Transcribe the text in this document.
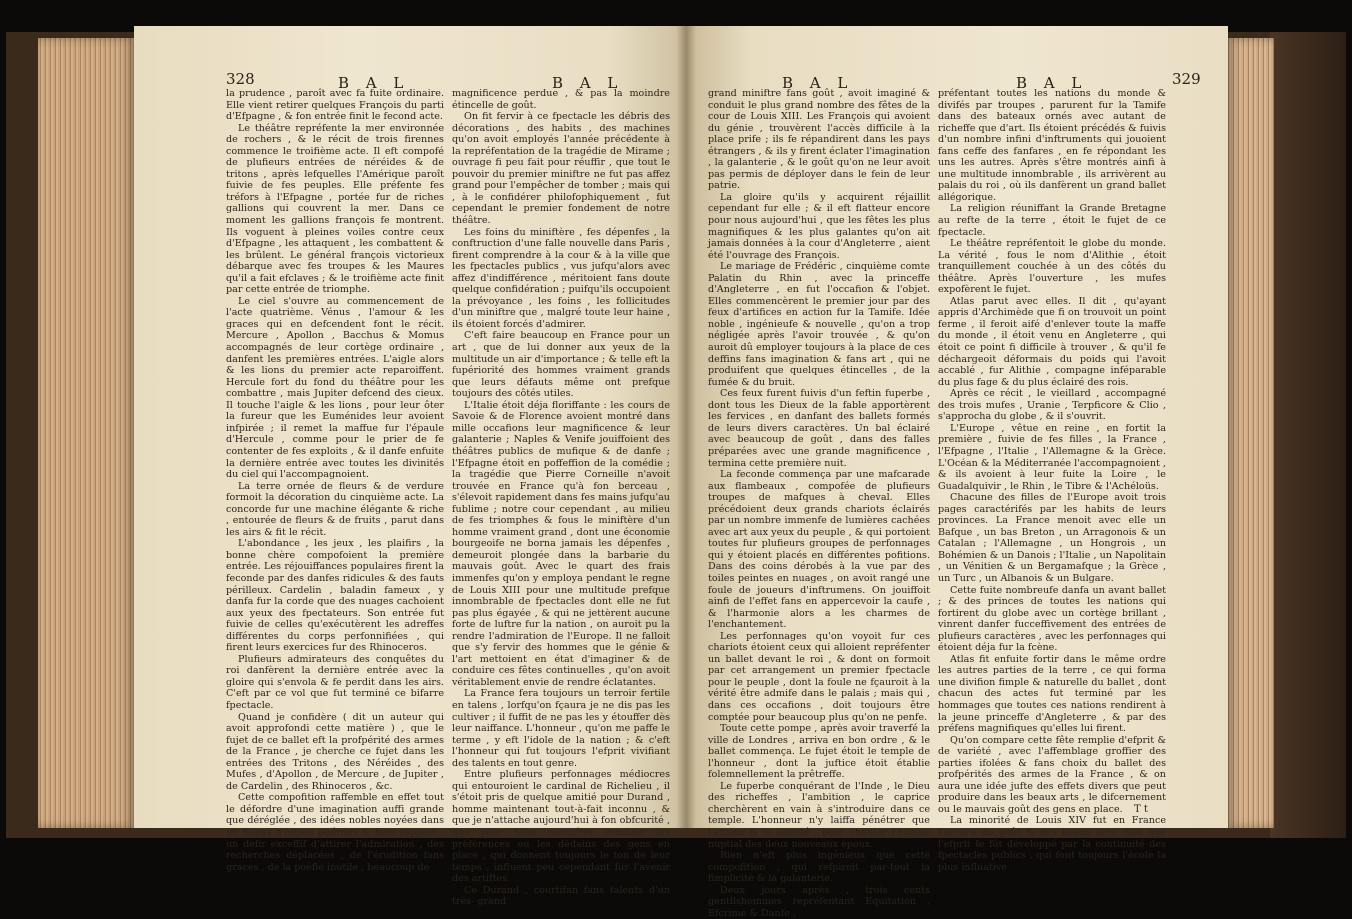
328	B A L	B A L

la prudence , paroît avec fa fuite ordinaire. Elle vient retirer quelques François du parti d'Efpagne , & fon entrée finit le fecond acte.

Le théâtre repréfente la mer environnée de rochers , & le récit de trois firennes commence le troifième acte. Il eft compofé de plufieurs entrées de néréides & de tritons , après lefquelles l'Amérique paroît fuivie de fes peuples. Elle préfente fes tréfors à l'Efpagne , portée fur de riches gallions qui couvrent la mer. Dans ce moment les gallions françois fe montrent. Ils voguent à pleines voiles contre ceux d'Efpagne , les attaquent , les combattent & les brûlent. Le général françois victorieux débarque avec fes troupes & les Maures qu'il a fait efclaves ; & le troifième acte finit par cette entrée de triomphe.

Le ciel s'ouvre au commencement de l'acte quatrième. Vénus , l'amour & les graces qui en defcendent font le récit. Mercure , Apollon , Bacchus & Momus accompagnés de leur cortège ordinaire , danfent les premières entrées. L'aigle alors & les lions du premier acte reparoiffent. Hercule fort du fond du théâtre pour les combattre , mais Jupiter defcend des cieux. Il touche l'aigle & les lions , pour leur ôter la fureur que les Euménides leur avoient infpirée ; il remet la maffue fur l'épaule d'Hercule , comme pour le prier de fe contenter de fes exploits , & il danfe enfuite la dernière entrée avec toutes les divinités du ciel qui l'accompagnoient.

La terre ornée de fleurs & de verdure formoit la décoration du cinquième acte. La concorde fur une machine élégante & riche , entourée de fleurs & de fruits , parut dans les airs & fit le récit.

L'abondance , les jeux , les plaifirs , la bonne chère compofoient la première entrée. Les réjouiffances populaires firent la feconde par des danfes ridicules & des fauts périlleux. Cardelin , baladin fameux , y danfa fur la corde que des nuages cachoient aux yeux des fpectateurs. Son entrée fut fuivie de celles qu'exécutèrent les adreffes différentes du corps perfonnifiées , qui firent leurs exercices fur des Rhinoceros.

Plufieurs admirateurs des conquêtes du roi danfèrent la dernière entrée avec la gloire qui s'envola & fe perdit dans les airs. C'eft par ce vol que fut terminé ce bifarre fpectacle.

Quand je confidère ( dit un auteur qui avoit approfondi cette matière ) , que le fujet de ce ballet eft la profpérité des armes de la France , je cherche ce fujet dans les entrées des Tritons , des Néréides , des Mufes , d'Apollon , de Mercure , de Jupiter , de Cardelin , des Rhinoceros , &c.

Cette compofition raffemble en effet tout le défordre d'une imagination auffi grande que déréglée , des idées nobles noyées dans un fatras d'objets puériles & fans rapport , un defir exceffif d'attirer l'admiration , des recherches déplacées , de l'érudition fans graces , de la poéfie inutile , beaucoup de

magnificence perdue , & pas la moindre étincelle de goût.

On fit fervir à ce fpectacle les débris des décorations , des habits , des machines qu'on avoit employés l'année précédente à la repréfentation de la tragédie de Mirame ; ouvrage fi peu fait pour réuffir , que tout le pouvoir du premier miniftre ne fut pas affez grand pour l'empêcher de tomber ; mais qui , à le confidérer philofophiquement , fut cependant le premier fondement de notre théâtre.

Les foins du miniftère , fes dépenfes , la conftruction d'une falle nouvelle dans Paris , firent comprendre à la cour & à la ville que les fpectacles publics , vus jufqu'alors avec affez d'indifférence , méritoient fans doute quelque confidération ; puifqu'ils occupoient la prévoyance , les foins , les follicitudes d'un miniftre que , malgré toute leur haine , ils étoient forcés d'admirer.

C'eft faire beaucoup en France pour un art , que de lui donner aux yeux de la multitude un air d'importance ; & telle eft la fupériorité des hommes vraiment grands que leurs défauts même ont prefque toujours des côtés utiles.

L'Italie étoit déja floriffante : les cours de Savoie & de Florence avoient montré dans mille occafions leur magnificence & leur galanterie ; Naples & Venife jouiffoient des théâtres publics de mufique & de danfe ; l'Efpagne étoit en poffeffion de la comédie ; la tragédie que Pierre Corneille n'avoit trouvée en France qu'à fon berceau , s'élevoit rapidement dans fes mains jufqu'au fublime ; notre cour cependant , au milieu de fes triomphes & fous le miniftère d'un homme vraiment grand , dont une économie bourgeoife ne borna jamais les dépenfes , demeuroit plongée dans la barbarie du mauvais goût. Avec le quart des frais immenfes qu'on y employa pendant le regne de Louis XIII pour une multitude prefque innombrable de fpectacles dont elle ne fut pas plus égayée , & qui ne jettèrent aucune forte de luftre fur la nation , on auroit pu la rendre l'admiration de l'Europe. Il ne falloit que s'y fervir des hommes que le génie & l'art mettoient en état d'imaginer & de conduire ces fêtes continuelles , qu'on avoit véritablement envie de rendre éclatantes.

La France fera toujours un terroir fertile en talens , lorfqu'on fçaura je ne dis pas les cultiver ; il fuffit de ne pas les y étouffer dès leur naiffance. L'honneur , qu'on me paffe le terme , y eft l'idole de la nation ; & c'eft l'honneur qui fut toujours l'efprit vivifiant des talents en tout genre.

Entre plufieurs perfonnages médiocres qui entouroient le cardinal de Richelieu , il s'étoit pris de quelque amitié pour Durand , homme maintenant tout-à-fait inconnu , & que je n'attache aujourd'hui à fon obfcurité , que pour faire connoître combien les préférences ou les dédains des gens en place , qui donnent toujours le ton de leur temps , influent peu cependant fur l'avenir des artiftes.

Ce Durand , courtifan fans talents d'un très- grand

B A L	B A L	329

grand miniftre fans goût , avoit imaginé & conduit le plus grand nombre des fêtes de la cour de Louis XIII. Les François qui avoient du génie , trouvèrent l'accès difficile à la place prife ; ils fe répandirent dans les pays étrangers , & ils y firent éclater l'imagination , la galanterie , & le goût qu'on ne leur avoit pas permis de déployer dans le fein de leur patrie.

La gloire qu'ils y acquirent réjaillit cependant fur elle ; & il eft flatteur encore pour nous aujourd'hui , que les fêtes les plus magnifiques & les plus galantes qu'on ait jamais données à la cour d'Angleterre , aient été l'ouvrage des François.

Le mariage de Frédéric , cinquième comte Palatin du Rhin , avec la princeffe d'Angleterre , en fut l'occafion & l'objet. Elles commencèrent le premier jour par des feux d'artifices en action fur la Tamife. Idée noble , ingénieufe & nouvelle , qu'on a trop négligée après l'avoir trouvée , & qu'on auroit dû employer toujours à la place de ces deffins fans imagination & fans art , qui ne produifent que quelques étincelles , de la fumée & du bruit.

Ces feux furent fuivis d'un feftin fuperbe , dont tous les Dieux de la fable apportèrent les fervices , en danfant des ballets formés de leurs divers caractères. Un bal éclairé avec beaucoup de goût , dans des falles préparées avec une grande magnificence , termina cette première nuit.

La feconde commença par une mafcarade aux flambeaux , compofée de plufieurs troupes de mafques à cheval. Elles précédoient deux grands chariots éclairés par un nombre immenfe de lumières cachées avec art aux yeux du peuple , & qui portoient toutes fur plufieurs groupes de perfonnages qui y étoient placés en différentes pofitions. Dans des coins dérobés à la vue par des toiles peintes en nuages , on avoit rangé une foule de joueurs d'inftrumens. On jouiffoit ainfi de l'effet fans en appercevoir la caufe , & l'harmonie alors a les charmes de l'enchantement.

Les perfonnages qu'on voyoit fur ces chariots étoient ceux qui alloient repréfenter un ballet devant le roi , & dont on formoit par cet arrangement un premier fpectacle pour le peuple , dont la foule ne fçauroit à la vérité être admife dans le palais ; mais qui , dans ces occafions , doit toujours être comptée pour beaucoup plus qu'on ne penfe.

Toute cette pompe , après avoir traverfé la ville de Londres , arriva en bon ordre , & le ballet commença. Le fujet étoit le temple de l'honneur , dont la juftice étoit établie folemnellement la prêtreffe.

Le fuperbe conquérant de l'Inde , le Dieu des richeffes , l'ambition , le caprice cherchèrent en vain à s'introduire dans ce temple. L'honneur n'y laiffa pénétrer que l'amour & la beauté , pour chanter l'hymne nuptial des deux nouveaux époux.

Rien n'eft plus ingénieux que cette compofition , qui refpiroit par-tout la fimplicité & la galanterie.

Deux jours après , trois cents gentilshommes repréfentant Equitation , Efcrime & Danfe ,

préfentant toutes les nations du monde & divifés par troupes , parurent fur la Tamife dans des bateaux ornés avec autant de richeffe que d'art. Ils étoient précédés & fuivis d'un nombre infini d'inftruments qui jouoient fans ceffe des fanfares , en fe répondant les uns les autres. Après s'être montrés ainfi à une multitude innombrable , ils arrivèrent au palais du roi , où ils danfèrent un grand ballet allégorique.

La religion réuniffant la Grande Bretagne au refte de la terre , étoit le fujet de ce fpectacle.

Le théâtre repréfentoit le globe du monde. La vérité , fous le nom d'Alithie , étoit tranquillement couchée à un des côtés du théâtre. Après l'ouverture , les mufes expofèrent le fujet.

Atlas parut avec elles. Il dit , qu'ayant appris d'Archimède que fi on trouvoit un point ferme , il feroit aifé d'enlever toute la maffe du monde , il étoit venu en Angleterre , qui étoit ce point fi difficile à trouver , & qu'il fe déchargeoit déformais du poids qui l'avoit accablé , fur Alithie , compagne inféparable du plus fage & du plus éclairé des rois.

Après ce récit , le vieillard , accompagné des trois mufes , Uranie , Terpficore & Clio , s'approcha du globe , & il s'ouvrit.

L'Europe , vêtue en reine , en fortit la première , fuivie de fes filles , la France , l'Efpagne , l'Italie , l'Allemagne & la Grèce. L'Océan & la Méditerranée l'accompagnoient , & ils avoient à leur fuite la Loire , le Guadalquivir , le Rhin , le Tibre & l'Achéloüs.

Chacune des filles de l'Europe avoit trois pages caractérifés par les habits de leurs provinces. La France menoit avec elle un Bafque , un bas Breton , un Arragonois & un Catalan ; l'Allemagne , un Hongrois , un Bohémien & un Danois ; l'Italie , un Napolitain , un Vénitien & un Bergamafque ; la Grèce , un Turc , un Albanois & un Bulgare.

Cette fuite nombreufe danfa un avant ballet ; & des princes de toutes les nations qui fortirent du globe avec un cortège brillant , vinrent danfer fucceffivement des entrées de plufieurs caractères , avec les perfonnages qui étoient déja fur la fcène.

Atlas fit enfuite fortir dans le même ordre les autres parties de la terre , ce qui forma une divifion fimple & naturelle du ballet , dont chacun des actes fut terminé par les hommages que toutes ces nations rendirent à la jeune princeffe d'Angleterre , & par des préfens magnifiques qu'elles lui firent.

Qu'on compare cette fête remplie d'efprit & de variété , avec l'affemblage groffier des parties ifolées & fans choix du ballet des profpérités des armes de la France , & on aura une idée jufte des effets divers que peut produire dans les beaux arts , le difcernement ou le mauvais goût des gens en place.

La minorité de Louis XIV fut en France l'aurore du goût & des beaux arts. Soit que l'efprit fe fût développé par la continuité des fpectacles publics , qui font toujours l'école la plus influative

T t
